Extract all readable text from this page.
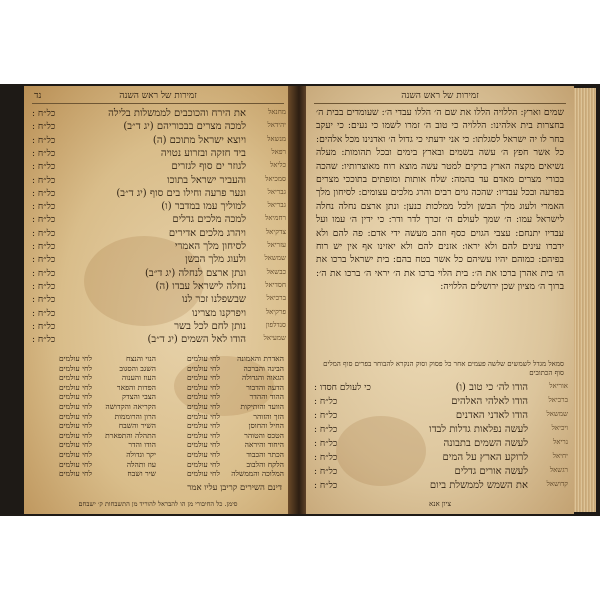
נד	זמירות של ראש השנה
מחנאל
את הירח והכוכבים לממשלות בלילה
כל״ח :
יהידאל
למכה מצרים בבכוריהם (יג ד״ב)
כל״ח :
מנשאל
ויוצא ישראל מתוכם (ה)
כל״ח :
רפאל
ביד חזקה ובזרוע נטויה
כל״ח :
כליאל
לגוזר ים סוף לגזרים
כל״ח :
סמכיאל
והעביר ישראל בתוכו
כל״ח :
גבריאל
ונער פרעה וחילו בים סוף (יג ד״ב)
כל״ח :
גבריאל
למוליך עמו במדבר (ו)
כל״ח :
רחמיאל
למכה מלכים גדלים
כל״ח :
צדקיאל
ויהרג מלכים אדירים
כל״ח :
עזריאל
לסיחון מלך האמרי
כל״ח :
שמשאל
ולעוג מלך הבשן
כל״ח :
כבשאל
ונתן ארצם לנחלה (יג ד״ב)
כל״ח :
חסדיאל
נחלה לישראל עבדו (ה)
כל״ח :
ברכיאל
שבשפלנו זכר לנו
כל״ח :
פרקיאל
ויפרקנו מצרינו
כל״ח :
סנדלפון
נותן לחם לכל בשר
כל״ח :
שמעיאל
הודו לאל השמים (יג ד״ב)
כל״ח :
האדרת והאמונה
הבינה והברכה
הגאוה והגדולה
הדעה והדבור
ההוד וההדר
הוועד והותיקות
הזך והזוהר
החיל והחוסן
הטכס והטוהר
היחוד והיראה
הכתר והכבוד
הלקח והלבוב
המלוכה והממשלה
לחי עולמים
לחי עולמים
לחי עולמים
לחי עולמים
לחי עולמים
לחי עולמים
לחי עולמים
לחי עולמים
לחי עולמים
לחי עולמים
לחי עולמים
לחי עולמים
לחי עולמים
הנוי והנצח
השגב והסגוב
העוז והענוה
הפדות והפאר
הצבי והצדק
הקריאה והקדושה
הרון והרוממות
השיר והשבח
התהלה והתפארת
הודו והדר
יקר וגדולה
עוז ותהלה
שיר ושבח
לחי עולמים
לחי עולמים
לחי עולמים
לחי עולמים
לחי עולמים
לחי עולמים
לחי עולמים
לחי עולמים
לחי עולמים
לחי עולמים
לחי עולמים
לחי עולמים
לחי עולמים
דינם השירים קריבן עליו אמר
סימן. כל החיבורי מן הו להבראל להוריד מן התשבחות ק׳ ישבחם
זמירות של ראש השנה
שמים וארץ: הללויה הללו את שם ה׳ הללו עבדי ה׳: שעומדים בבית ה׳ בחצרות בית אלהינו: הללויה כי טוב ה׳ זמרו לשמו כי נעים: כי יעקב בחר לו יה ישראל לסגלתו: כי אני ידעתי כי גדול ה׳ ואדנינו מכל אלהים: כל אשר חפץ ה׳ עשה בשמים ובארץ בימים ובכל תהומות: מעלה נשיאים מקצה הארץ ברקים למטר עשה מוצא רוח מאוצרותיו: שהכה בכורי מצרים מאדם עד בהמה: שלח אותות ומופתים בתוככי מצרים בפרעה ובכל עבדיו: שהכה גוים רבים והרג מלכים עצומים: לסיחון מלך האמרי ולעוג מלך הבשן ולכל ממלכות כנען: ונתן ארצם נחלה נחלה לישראל עמו: ה׳ שמך לעולם ה׳ זכרך לדר ודר: כי ידין ה׳ עמו ועל עבדיו יתנחם: עצבי הגוים כסף וזהב מעשה ידי אדם: פה להם ולא ידברו עינים להם ולא יראו: אזנים להם ולא יאזינו אף אין יש רוח בפיהם: כמוהם יהיו עשיהם כל אשר בטח בהם: בית ישראל ברכו את ה׳ בית אהרן ברכו את ה׳: בית הלוי ברכו את ה׳ יראי ה׳ ברכו את ה׳: ברוך ה׳ מציון שכן ירושלים הללויה:
סמאל מגדל לשמשים שלשה פעמים אחר כל פסוק וסוק הנקרא להבוחר בפרים סוף המלים סוף הכתובים
אוריאל
הודו לה׳ כי טוב (ו)
כי לעולם חסדו :
ברכיאל
הודו לאלהי האלהים
כל״ח :
שמשאל
הודו לאדני האדנים
כל״ח :
ויכיאל
לעשה נפלאות גדלות לבדו
כל״ח :
נריאל
לעשה השמים בתבונה
כל״ח :
יחיאל
לרוקע הארץ על המים
כל״ח :
רגשאל
לעשה אורים גדלים
כל״ח :
קדושאל
את השמש לממשלת ביום
כל״ח :
ציון אנא
